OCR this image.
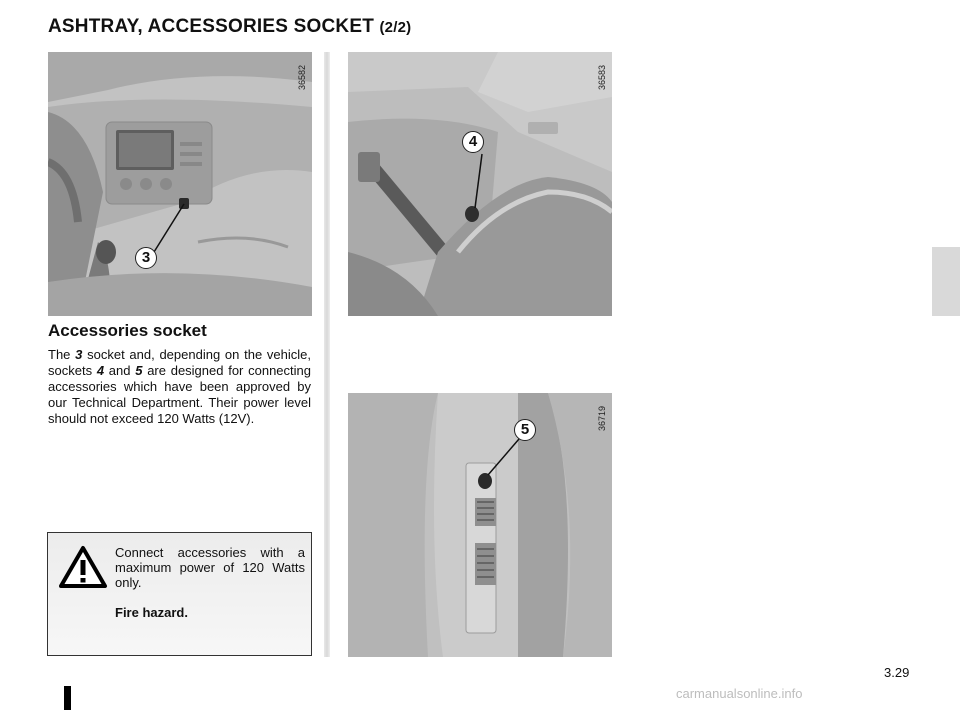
ASHTRAY, ACCESSORIES SOCKET (2/2)
3
36582
4
36583
5	36719
Accessories socket

The 3 socket and, depending on the vehicle, sockets 4 and 5 are designed for connecting accessories which have been approved by our Technical Department. Their power level should not exceed 120 Watts (12V).

Connect accessories with a maximum power of 120 Watts only.

Fire hazard.
3.29
carmanualsonline.info
